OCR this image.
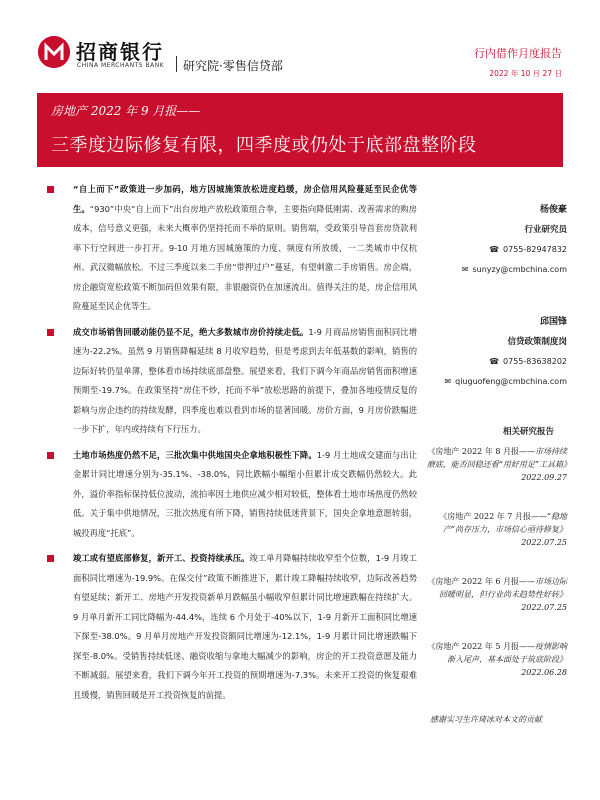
招商银行
CHINA MERCHANTS BANK 研究院·零售信贷部
行内借作月度报告
2022 年 10 月 27 日
房地产 2022 年 9 月报——
三季度边际修复有限，四季度或仍处于底部盘整阶段
“自上而下”政策进一步加码，地方因城施策放松进度趋缓，房企信用风险蔓延至民企优等生。“930”中央“自上而下”出台房地产放松政策组合拳，主要指向降低刚需、改善需求的购房成本，信号意义更强，未来大概率仍坚持托而不举的原则。销售端，受政策引导首套房贷款利率下行空间进一步打开。9-10 月地方因城施策的力度、频度有所放缓，一二类城市中仅杭州、武汉微幅放松。不过三季度以来二手房“带押过户”蔓延，有望刺激二手房销售。房企端，房企融资宽松政策不断加码但效果有限，非银融资仍在加速流出。值得关注的是，房企信用风险蔓延至民企优等生。
成交市场销售回暖动能仍显不足，绝大多数城市房价持续走低。1-9 月商品房销售面积同比增速为-22.2%。虽然 9 月销售降幅延续 8 月收窄趋势，但是考虑到去年低基数的影响，销售的边际好转仍显单薄，整体看市场持续底部盘整。展望来看，我们下调今年商品房销售面积增速预期至-19.7%。在政策坚持“房住不炒，托而不举”放松思路的前提下，叠加各地疫情反复的影响与房企违约的持续发酵，四季度也难以看到市场的显著回暖。房价方面，9 月房价跌幅进一步下扩，年内或持续有下行压力。
土地市场热度仍然不足，三批次集中供地国央企拿地积极性下降。1-9 月土地成交建面与出让金累计同比增速分别为-35.1%、-38.0%，同比跌幅小幅缩小但累计成交跌幅仍然较大。此外，溢价率指标保持低位波动，流拍率因土地供应减少相对较低，整体看土地市场热度仍然较低。关于集中供地情况，三批次热度有所下降，销售持续低迷背景下，国央企拿地意愿转弱，城投再度“托底”。
竣工或有望底部修复，新开工、投资持续承压。竣工单月降幅持续收窄至个位数，1-9 月竣工面积同比增速为-19.9%。在保交付”政策不断推进下，累计竣工降幅持续收窄，边际改善趋势有望延续；新开工、房地产开发投资新单月跌幅虽小幅收窄但累计同比增速跌幅在持续扩大。9 月单月新开工同比降幅为-44.4%，连续 6 个月处于-40%以下，1-9 月新开工面积同比增速下探至-38.0%。9 月单月房地产开发投资额同比增速为-12.1%，1-9 月累计同比增速跌幅下探至-8.0%。受销售持续低迷、融资收缩与拿地大幅减少的影响，房企的开工投资意愿及能力不断减弱。展望来看，我们下调今年开工投资的预期增速为-7.3%。未来开工投资的恢复艰难且缓慢，销售回暖是开工投资恢复的前提。
杨俊豪
行业研究员
☎ 0755-82947832
✉ sunyzy@cmbchina.com
邱国锋
信贷政策制度岗
☎ 0755-83638202
✉ qiuguofeng@cmbchina.com
相关研究报告
《房地产 2022 年 8 月报——市场持续磨底，能否回稳还看“用好用足”工具箱》2022.09.27
《房地产 2022 年 7 月报——“稳地产”尚存压力，市场信心亟待修复》2022.07.25
《房地产 2022 年 6 月报——市场边际回暖明显，但行业尚未趋势性好转》2022.07.25
《房地产 2022 年 5 月报——疫情影响渐入尾声，基本面处于筑底阶段》2022.06.28
感谢实习生许琦冰对本文的贡献
